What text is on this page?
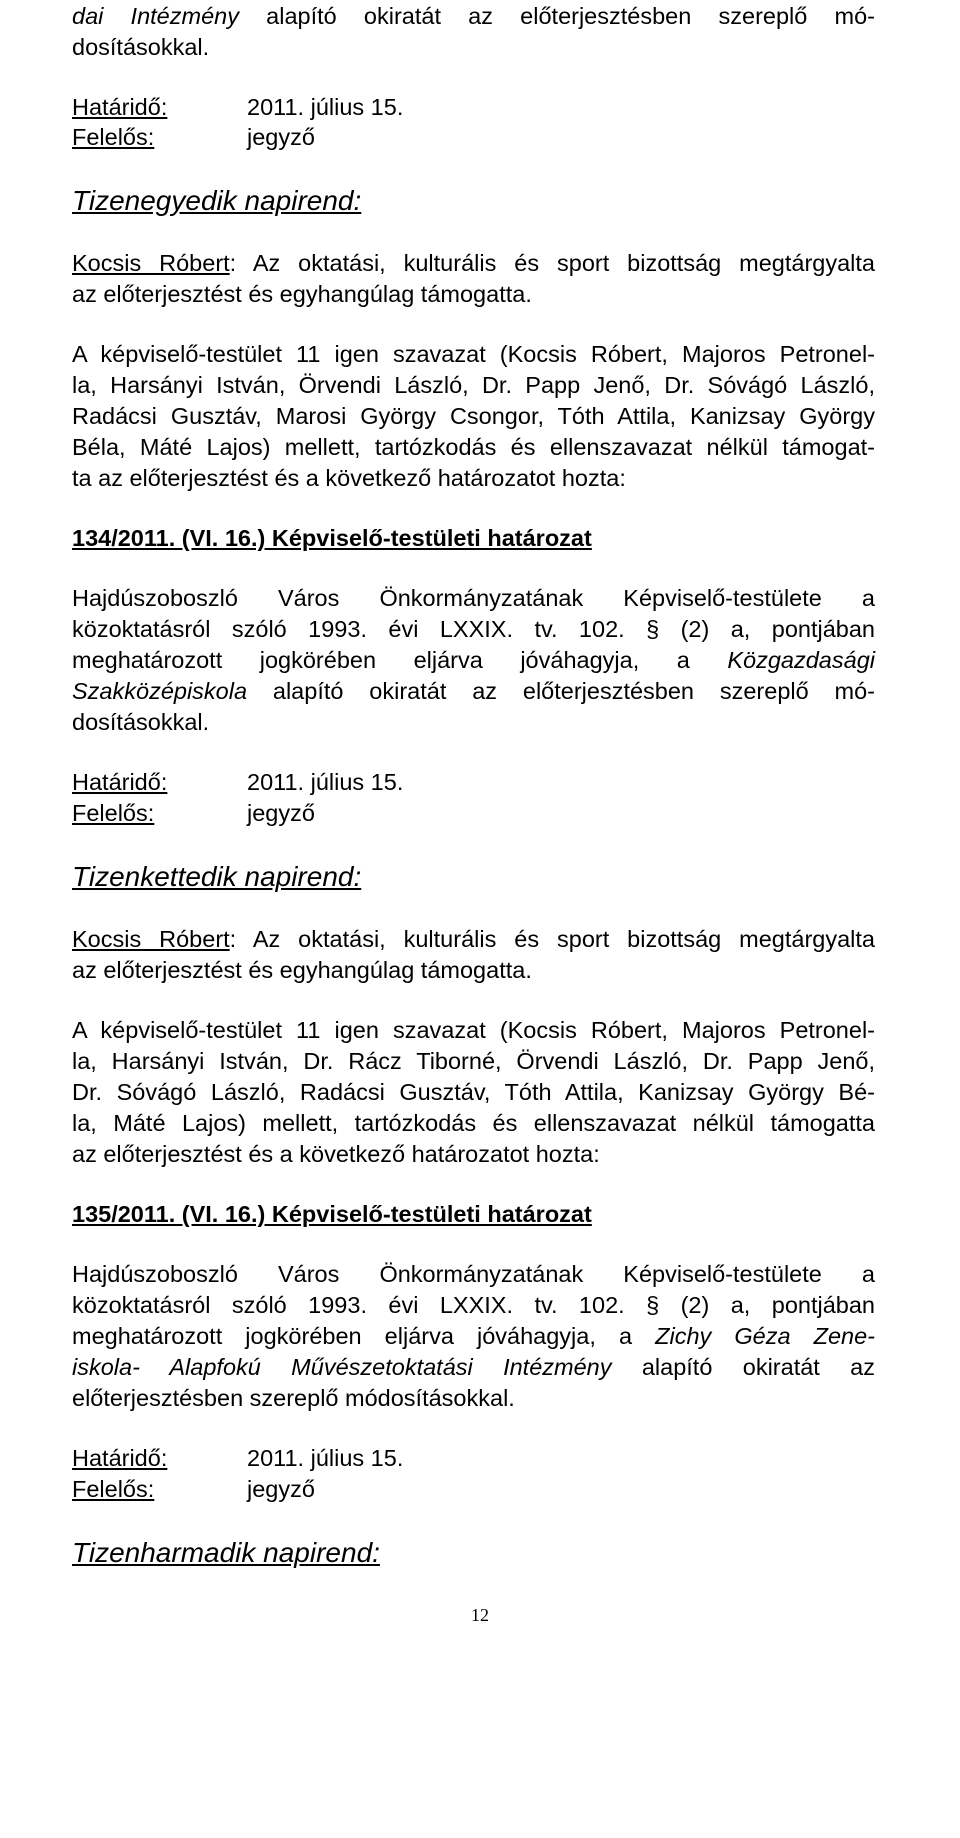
dai Intézmény alapító okiratát az előterjesztésben szereplő mó-
dosításokkal.
Határidő:	2011. július 15.
Felelős:	jegyző
Tizenegyedik napirend:
Kocsis Róbert: Az oktatási, kulturális és sport bizottság megtárgyalta
az előterjesztést és egyhangúlag támogatta.
A képviselő-testület 11 igen szavazat (Kocsis Róbert, Majoros Petronel-
la, Harsányi István, Örvendi László, Dr. Papp Jenő, Dr. Sóvágó László,
Radácsi Gusztáv, Marosi György Csongor, Tóth Attila, Kanizsay György
Béla, Máté Lajos) mellett, tartózkodás és ellenszavazat nélkül támogat-
ta az előterjesztést és a következő határozatot hozta:
134/2011. (VI. 16.) Képviselő-testületi határozat
Hajdúszoboszló Város Önkormányzatának Képviselő-testülete a
közoktatásról szóló 1993. évi LXXIX. tv. 102. § (2) a, pontjában
meghatározott jogkörében eljárva jóváhagyja, a Közgazdasági
Szakközépiskola alapító okiratát az előterjesztésben szereplő mó-
dosításokkal.
Határidő:	2011. július 15.
Felelős:	jegyző
Tizenkettedik napirend:
Kocsis Róbert: Az oktatási, kulturális és sport bizottság megtárgyalta
az előterjesztést és egyhangúlag támogatta.
A képviselő-testület 11 igen szavazat (Kocsis Róbert, Majoros Petronel-
la, Harsányi István, Dr. Rácz Tiborné, Örvendi László, Dr. Papp Jenő,
Dr. Sóvágó László, Radácsi Gusztáv, Tóth Attila, Kanizsay György Bé-
la, Máté Lajos) mellett, tartózkodás és ellenszavazat nélkül támogatta
az előterjesztést és a következő határozatot hozta:
135/2011. (VI. 16.) Képviselő-testületi határozat
Hajdúszoboszló Város Önkormányzatának Képviselő-testülete a
közoktatásról szóló 1993. évi LXXIX. tv. 102. § (2) a, pontjában
meghatározott jogkörében eljárva jóváhagyja, a Zichy Géza Zene-
iskola- Alapfokú Művészetoktatási Intézmény alapító okiratát az
előterjesztésben szereplő módosításokkal.
Határidő:	2011. július 15.
Felelős:	jegyző
Tizenharmadik napirend:
12
